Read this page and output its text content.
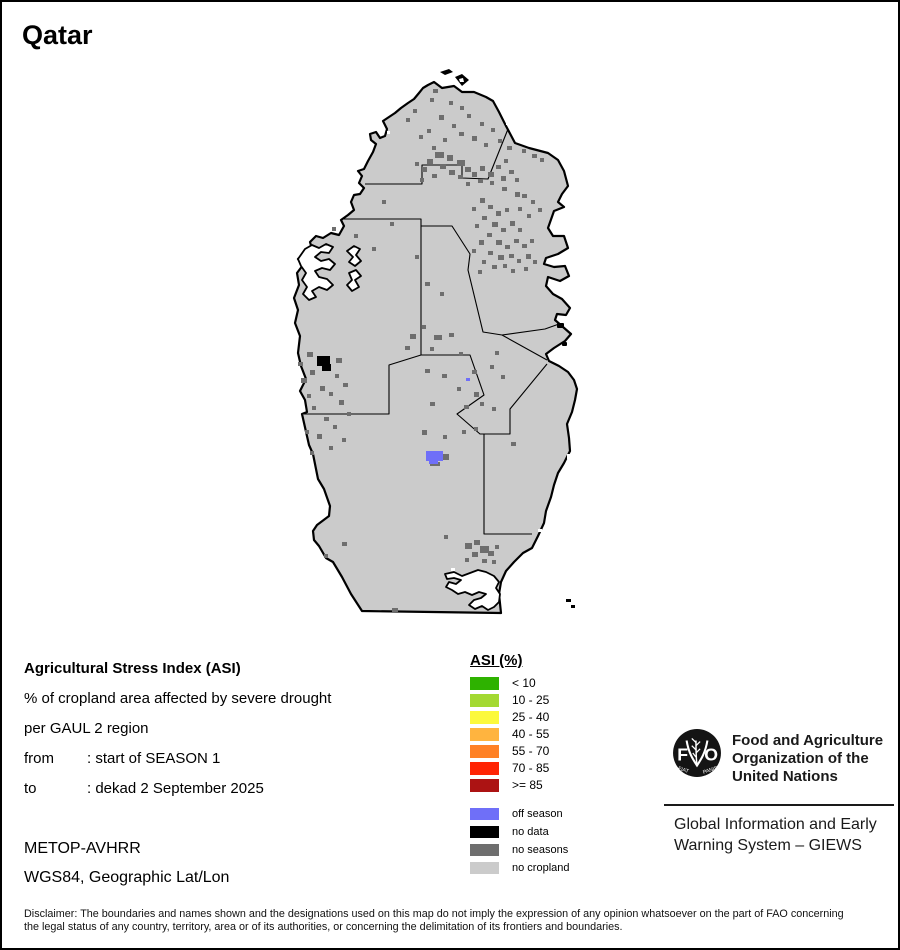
Qatar
Agricultural Stress Index (ASI)
% of cropland area affected by severe drought
per GAUL 2 region
from	: start of SEASON 1
to	: dekad 2 September 2025
METOP-AVHRR
WGS84, Geographic Lat/Lon
ASI (%)
< 10
10 - 25
25 - 40
40 - 55
55 - 70
70 - 85
>= 85
off season
no data
no seasons
no cropland
F O
FIAT	PANIS
Food and Agriculture
Organization of the
United Nations
Global Information and Early
Warning System – GIEWS
Disclaimer: The boundaries and names shown and the designations used on this map do not imply the expression of any opinion whatsoever on the part of FAO concerning the legal status of any country, territory, area or of its authorities, or concerning the delimitation of its frontiers and boundaries.
